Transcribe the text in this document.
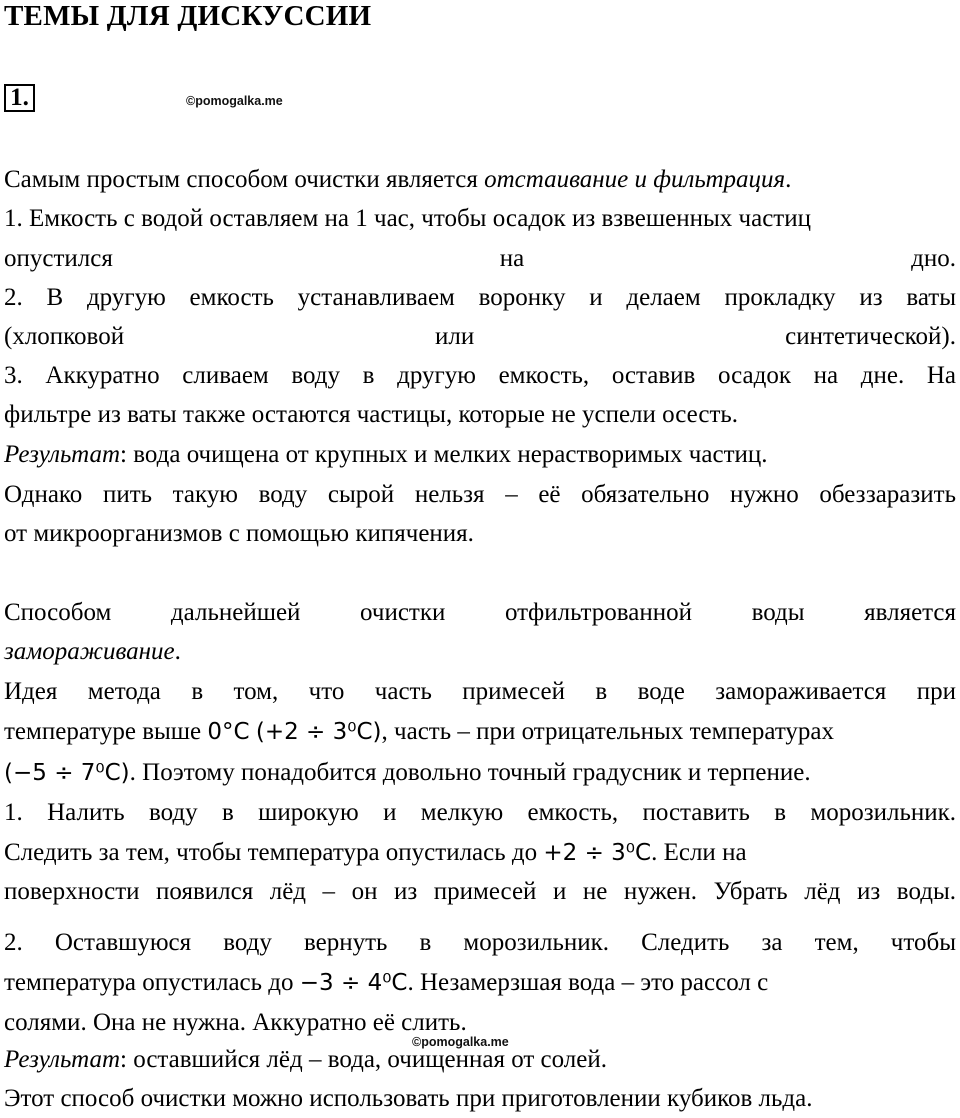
ТЕМЫ ДЛЯ ДИСКУССИИ
1.	©pomogalka.me
Самым простым способом очистки является отстаивание и фильтрация.
1. Емкость с водой оставляем на 1 час, чтобы осадок из взвешенных частиц
опустился на дно.
2. В другую емкость устанавливаем воронку и делаем прокладку из ваты
(хлопковой или синтетической).
3. Аккуратно сливаем воду в другую емкость, оставив осадок на дне. На
фильтре из ваты также остаются частицы, которые не успели осесть.
Результат: вода очищена от крупных и мелких нерастворимых частиц.
Однако пить такую воду сырой нельзя – её обязательно нужно обеззаразить
от микроорганизмов с помощью кипячения.
Способом дальнейшей очистки отфильтрованной воды является
замораживание.
Идея метода в том, что часть примесей в воде замораживается при
температуре выше 0°C (+2 ÷ 3⁰C), часть – при отрицательных температурах
(−5 ÷ 7⁰C). Поэтому понадобится довольно точный градусник и терпение.
1. Налить воду в широкую и мелкую емкость, поставить в морозильник.
Следить за тем, чтобы температура опустилась до +2 ÷ 3⁰C. Если на
поверхности появился лёд – он из примесей и не нужен. Убрать лёд из воды.
2. Оставшуюся воду вернуть в морозильник. Следить за тем, чтобы
температура опустилась до −3 ÷ 4⁰C. Незамерзшая вода – это рассол с
солями. Она не нужна. Аккуратно её слить.
©pomogalka.me
Результат: оставшийся лёд – вода, очищенная от солей.
Этот способ очистки можно использовать при приготовлении кубиков льда.
